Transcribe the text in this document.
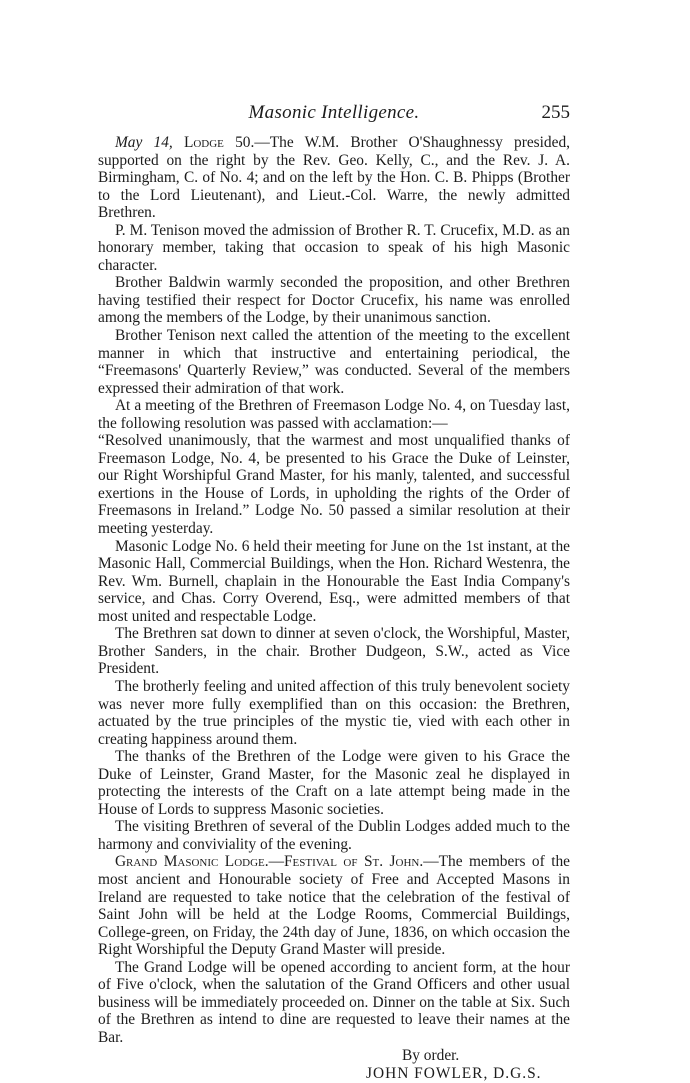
Masonic Intelligence.	255

May 14, Lodge 50.—The W.M. Brother O'Shaughnessy presided, supported on the right by the Rev. Geo. Kelly, C., and the Rev. J. A. Birmingham, C. of No. 4; and on the left by the Hon. C. B. Phipps (Brother to the Lord Lieutenant), and Lieut.-Col. Warre, the newly admitted Brethren.

P. M. Tenison moved the admission of Brother R. T. Crucefix, M.D. as an honorary member, taking that occasion to speak of his high Masonic character.

Brother Baldwin warmly seconded the proposition, and other Brethren having testified their respect for Doctor Crucefix, his name was enrolled among the members of the Lodge, by their unanimous sanction.

Brother Tenison next called the attention of the meeting to the excellent manner in which that instructive and entertaining periodical, the “Freemasons' Quarterly Review,” was conducted. Several of the members expressed their admiration of that work.

At a meeting of the Brethren of Freemason Lodge No. 4, on Tuesday last, the following resolution was passed with acclamation:—

“Resolved unanimously, that the warmest and most unqualified thanks of Freemason Lodge, No. 4, be presented to his Grace the Duke of Leinster, our Right Worshipful Grand Master, for his manly, talented, and successful exertions in the House of Lords, in upholding the rights of the Order of Freemasons in Ireland.” Lodge No. 50 passed a similar resolution at their meeting yesterday.

Masonic Lodge No. 6 held their meeting for June on the 1st instant, at the Masonic Hall, Commercial Buildings, when the Hon. Richard Westenra, the Rev. Wm. Burnell, chaplain in the Honourable the East India Company's service, and Chas. Corry Overend, Esq., were admitted members of that most united and respectable Lodge.

The Brethren sat down to dinner at seven o'clock, the Worshipful, Master, Brother Sanders, in the chair. Brother Dudgeon, S.W., acted as Vice President.

The brotherly feeling and united affection of this truly benevolent society was never more fully exemplified than on this occasion: the Brethren, actuated by the true principles of the mystic tie, vied with each other in creating happiness around them.

The thanks of the Brethren of the Lodge were given to his Grace the Duke of Leinster, Grand Master, for the Masonic zeal he displayed in protecting the interests of the Craft on a late attempt being made in the House of Lords to suppress Masonic societies.

The visiting Brethren of several of the Dublin Lodges added much to the harmony and conviviality of the evening.

Grand Masonic Lodge.—Festival of St. John.—The members of the most ancient and Honourable society of Free and Accepted Masons in Ireland are requested to take notice that the celebration of the festival of Saint John will be held at the Lodge Rooms, Commercial Buildings, College-green, on Friday, the 24th day of June, 1836, on which occasion the Right Worshipful the Deputy Grand Master will preside.

The Grand Lodge will be opened according to ancient form, at the hour of Five o'clock, when the salutation of the Grand Officers and other usual business will be immediately proceeded on. Dinner on the table at Six. Such of the Brethren as intend to dine are requested to leave their names at the Bar.

By order.
JOHN FOWLER, D.G.S.
